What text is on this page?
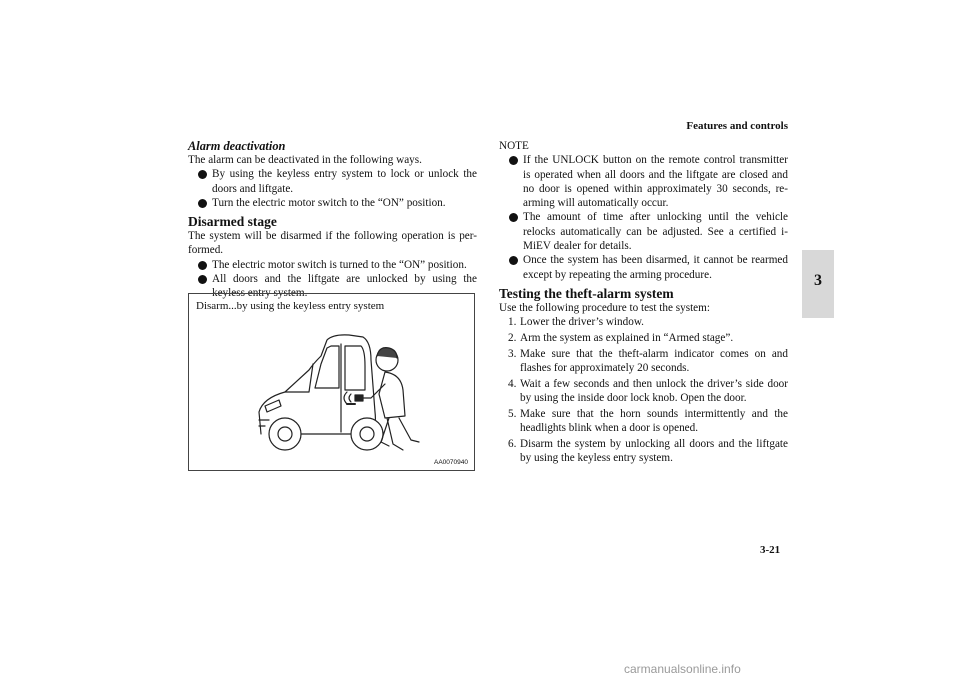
Features and controls
3
Alarm deactivation

The alarm can be deactivated in the following ways.

By using the keyless entry system to lock or unlock the doors and liftgate.
Turn the electric motor switch to the “ON” position.
Disarmed stage

The system will be disarmed if the following operation is per-formed.

The electric motor switch is turned to the “ON” position.
All doors and the liftgate are unlocked by using the keyless entry system.
Disarm...by using the keyless entry system
AA0070940
NOTE
If the UNLOCK button on the remote control transmitter is operated when all doors and the liftgate are closed and no door is opened within approximately 30 seconds, re-arming will automatically occur.
The amount of time after unlocking until the vehicle relocks automatically can be adjusted. See a certified i-MiEV dealer for details.
Once the system has been disarmed, it cannot be rearmed except by repeating the arming procedure.
Testing the theft-alarm system

Use the following procedure to test the system:

1. Lower the driver’s window.
2. Arm the system as explained in “Armed stage”.
3. Make sure that the theft-alarm indicator comes on and flashes for approximately 20 seconds.
4. Wait a few seconds and then unlock the driver’s side door by using the inside door lock knob. Open the door.
5. Make sure that the horn sounds intermittently and the headlights blink when a door is opened.
6. Disarm the system by unlocking all doors and the liftgate by using the keyless entry system.
3-21
carmanualsonline.info
